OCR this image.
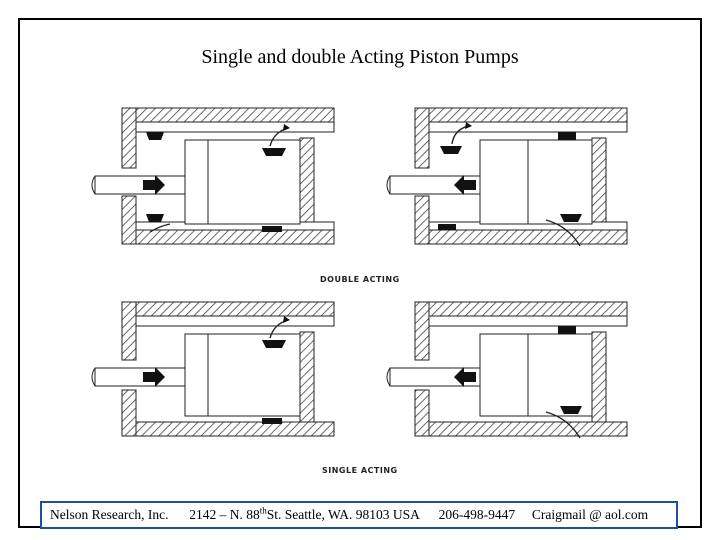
Single and double Acting Piston Pumps
DOUBLE ACTING
SINGLE ACTING
Nelson Research, Inc. 2142 – N. 88thSt. Seattle, WA. 98103 USA 206-498-9447 Craigmail @ aol.com
